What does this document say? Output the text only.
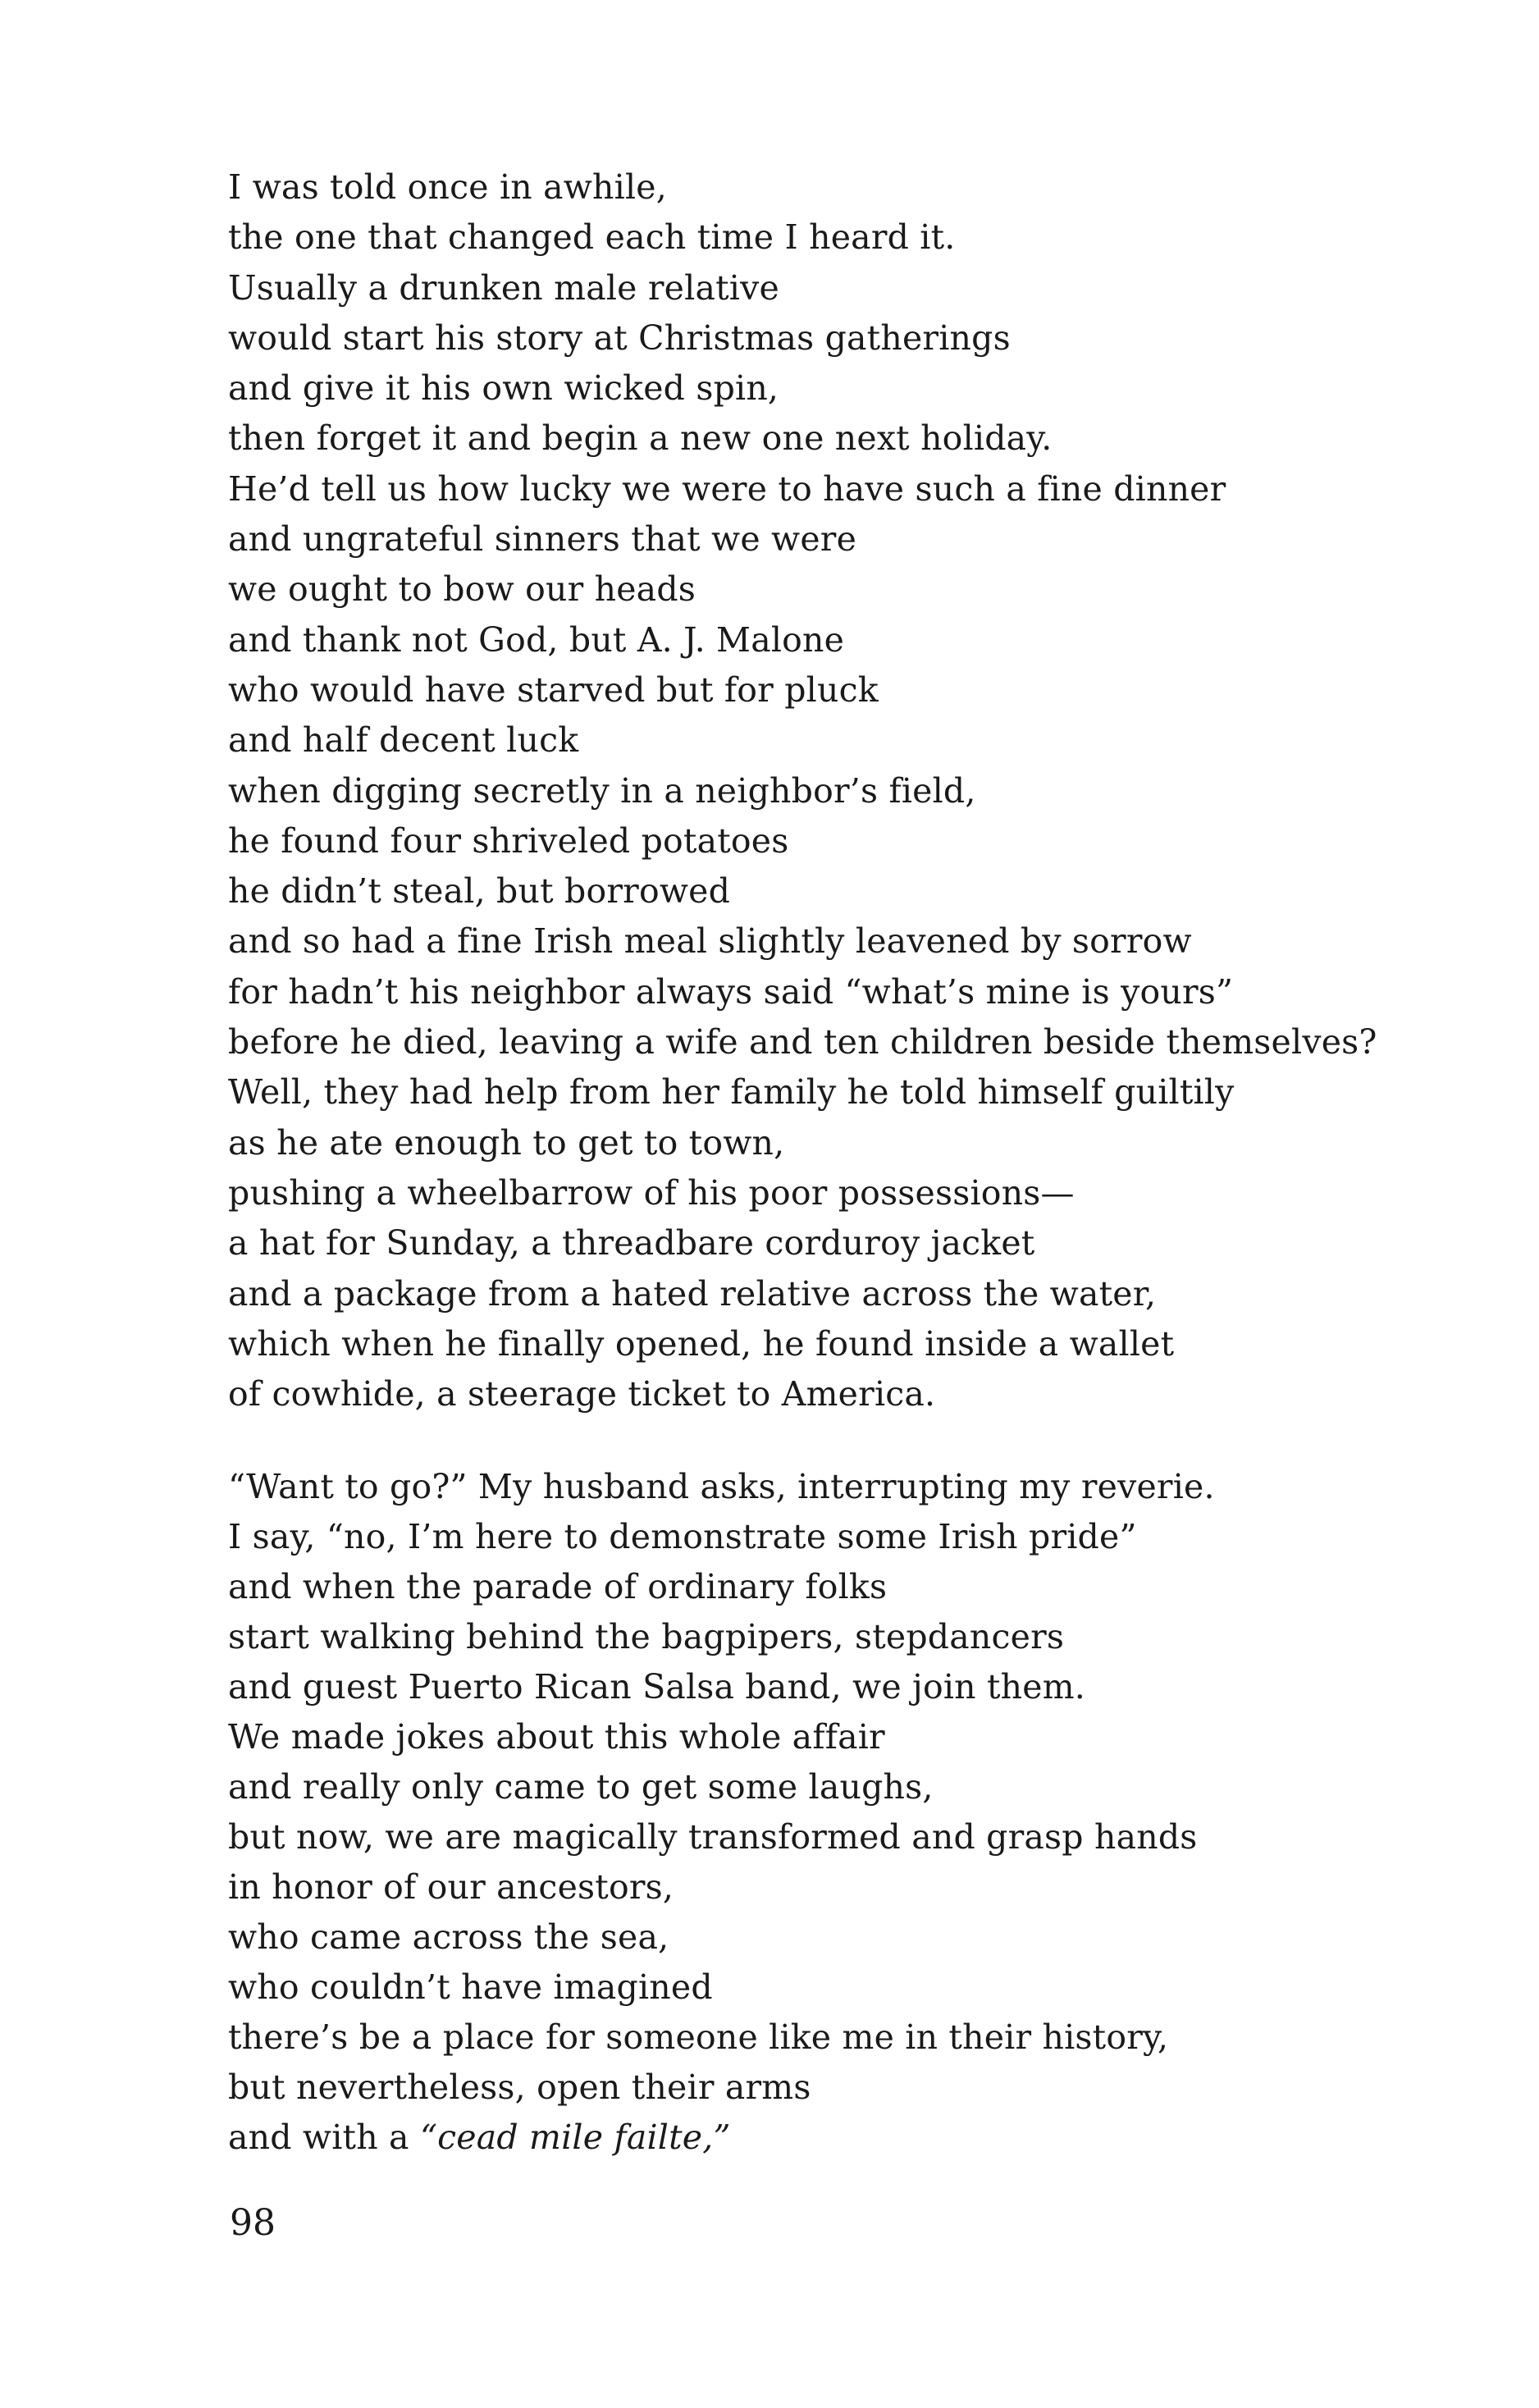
I was told once in awhile,
the one that changed each time I heard it.
Usually a drunken male relative
would start his story at Christmas gatherings
and give it his own wicked spin,
then forget it and begin a new one next holiday.
He’d tell us how lucky we were to have such a fine dinner
and ungrateful sinners that we were
we ought to bow our heads
and thank not God, but A. J. Malone
who would have starved but for pluck
and half decent luck
when digging secretly in a neighbor’s field,
he found four shriveled potatoes
he didn’t steal, but borrowed
and so had a fine Irish meal slightly leavened by sorrow
for hadn’t his neighbor always said “what’s mine is yours”
before he died, leaving a wife and ten children beside themselves?
Well, they had help from her family he told himself guiltily
as he ate enough to get to town,
pushing a wheelbarrow of his poor possessions—
a hat for Sunday, a threadbare corduroy jacket
and a package from a hated relative across the water,
which when he finally opened, he found inside a wallet
of cowhide, a steerage ticket to America.
“Want to go?” My husband asks, interrupting my reverie.
I say, “no, I’m here to demonstrate some Irish pride”
and when the parade of ordinary folks
start walking behind the bagpipers, stepdancers
and guest Puerto Rican Salsa band, we join them.
We made jokes about this whole affair
and really only came to get some laughs,
but now, we are magically transformed and grasp hands
in honor of our ancestors,
who came across the sea,
who couldn’t have imagined
there’s be a place for someone like me in their history,
but nevertheless, open their arms
and with a “cead mile failte,”
98
